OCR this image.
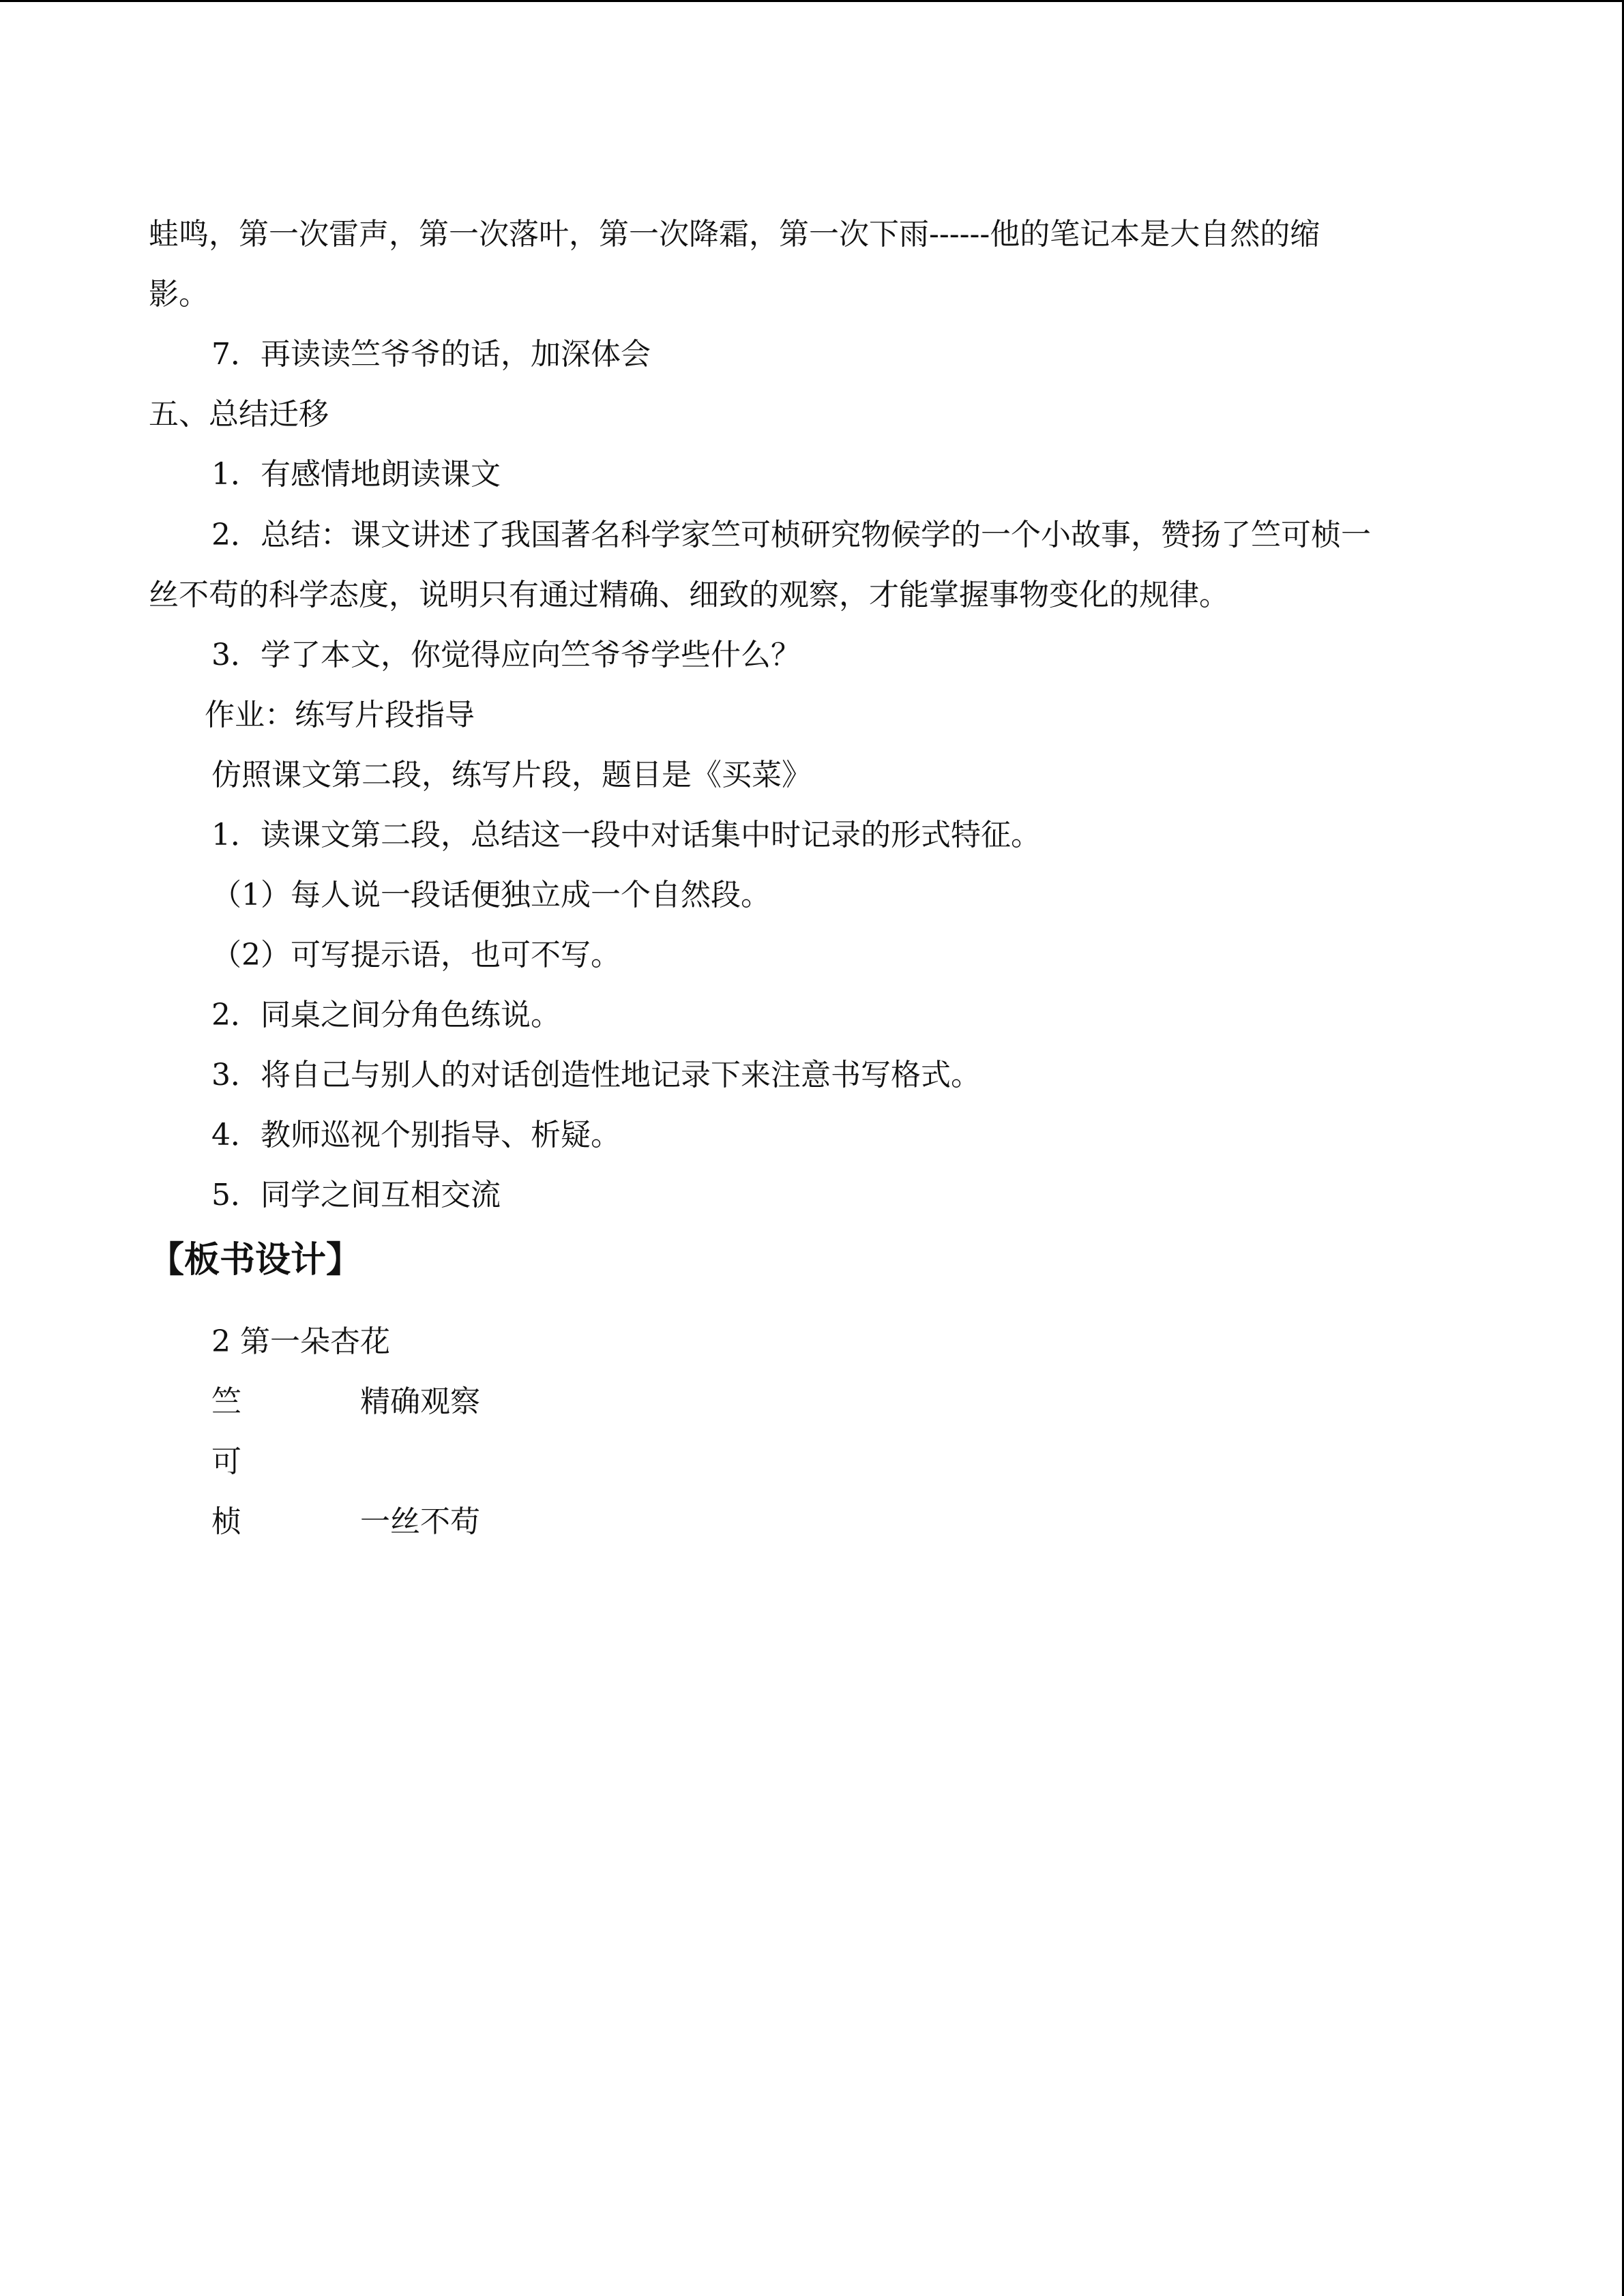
蛙鸣，第一次雷声，第一次落叶，第一次降霜，第一次下雨------他的笔记本是大自然的缩
影。
7．再读读竺爷爷的话，加深体会
五、总结迁移
1．有感情地朗读课文
2．总结：课文讲述了我国著名科学家竺可桢研究物候学的一个小故事，赞扬了竺可桢一
丝不苟的科学态度，说明只有通过精确、细致的观察，才能掌握事物变化的规律。
3．学了本文，你觉得应向竺爷爷学些什么？
作业：练写片段指导
仿照课文第二段，练写片段，题目是《买菜》
1．读课文第二段，总结这一段中对话集中时记录的形式特征。
（1）每人说一段话便独立成一个自然段。
（2）可写提示语，也可不写。
2．同桌之间分角色练说。
3．将自己与别人的对话创造性地记录下来注意书写格式。
4．教师巡视个别指导、析疑。
5．同学之间互相交流
【板书设计】
2 第一朵杏花
竺	精确观察
可
桢	一丝不苟
